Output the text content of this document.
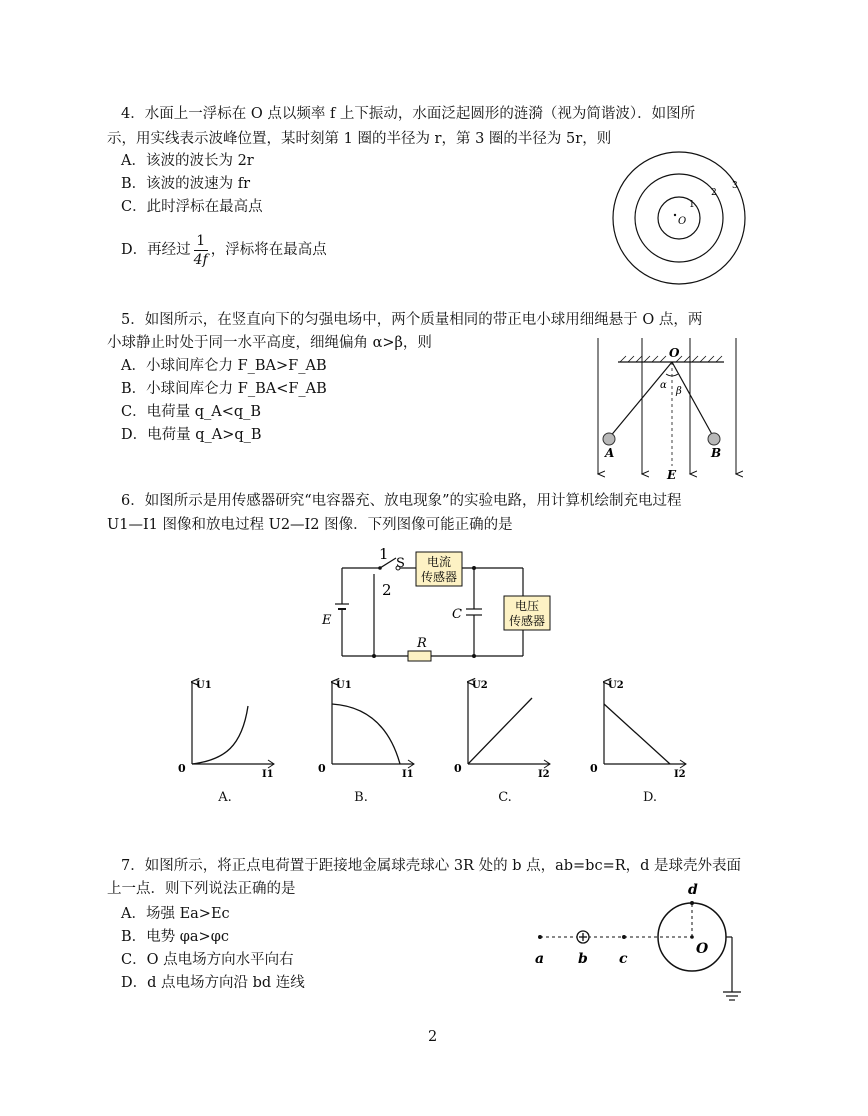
4．水面上一浮标在 O 点以频率 f 上下振动，水面泛起圆形的涟漪（视为简谐波）．如图所
示，用实线表示波峰位置，某时刻第 1 圈的半径为 r，第 3 圈的半径为 5r，则
A．该波的波长为 2r
B．该波的波速为 fr
C．此时浮标在最高点
D．再经过 $\frac{1}{4f}$ ，浮标将在最高点
O
1
2
3
5．如图所示，在竖直向下的匀强电场中，两个质量相同的带正电小球用细绳悬于 O 点，两
小球静止时处于同一水平高度，细绳偏角 α>β，则
A．小球间库仑力 F_BA>F_AB
B．小球间库仑力 F_BA<F_AB
C．电荷量 q_A<q_B
D．电荷量 q_A>q_B
O
α
β
A	B
E
6．如图所示是用传感器研究“电容器充、放电现象”的实验电路，用计算机绘制充电过程
U1—I1 图像和放电过程 U2—I2 图像．下列图像可能正确的是
1
2
S 电流
传感器
E
R
C
电压
传感器
U1
I1
0
U1
I1
0
U2
I2
0
U2
I2
0
A.	B.	C.	D.
7．如图所示，将正点电荷置于距接地金属球壳球心 3R 处的 b 点，ab=bc=R，d 是球壳外表面
上一点．则下列说法正确的是
A．场强 Ea>Ec
B．电势 φa>φc
C．O 点电场方向水平向右
D．d 点电场方向沿 bd 连线
a b c
d
O
2
